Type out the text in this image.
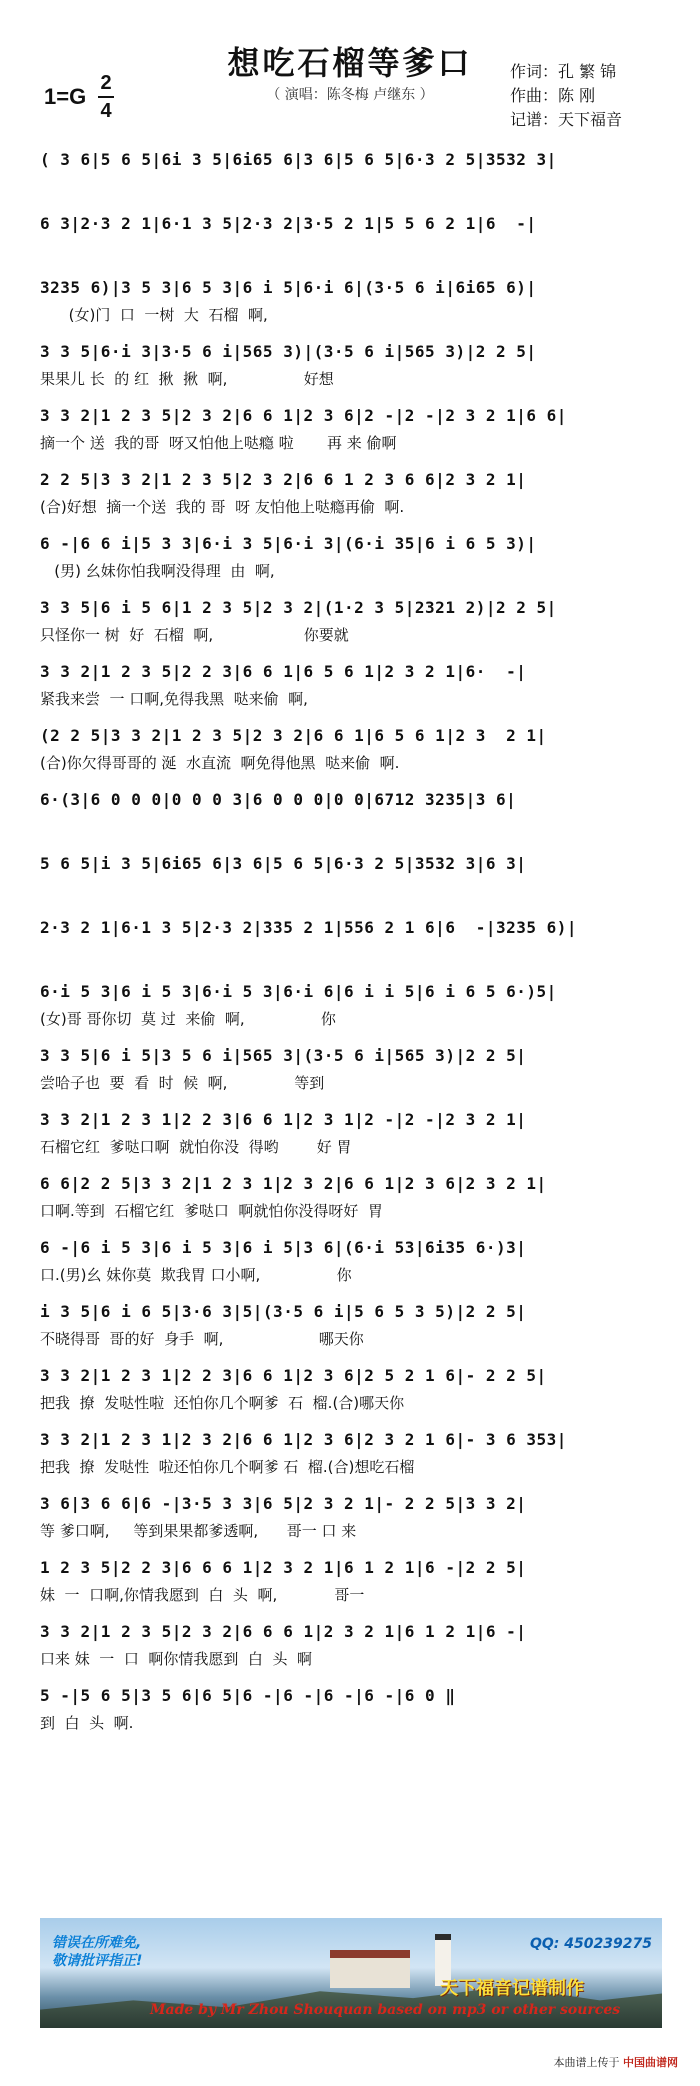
想吃石榴等爹口
（ 演唱：陈冬梅 卢继东 ）
1=G
2
4
作词：孔 繁 锦
作曲：陈 刚
记谱：天下福音
( 3 6|5 6 5|6i 3 5|6i65 6|3 6|5 6 5|6·3 2 5|3532 3|
6 3|2·3 2 1|6·1 3 5|2·3 2|3·5 2 1|5 5 6 2 1|6  -|
3235 6)|3 5 3|6 5 3|6 i 5|6·i 6|(3·5 6 i|6i65 6)|
(女)门  口  一树  大  石榴  啊,
3 3 5|6·i 3|3·5 6 i|565 3)|(3·5 6 i|565 3)|2 2 5|
果果儿 长  的 红  揪  揪  啊,                好想
3 3 2|1 2 3 5|2 3 2|6 6 1|2 3 6|2 -|2 -|2 3 2 1|6 6|
摘一个 送  我的哥  呀又怕他上哒瘾 啦       再 来 偷啊
2 2 5|3 3 2|1 2 3 5|2 3 2|6 6 1 2 3 6 6|2 3 2 1|
(合)好想  摘一个送  我的 哥  呀 友怕他上哒瘾再偷  啊.
6 -|6 6 i|5 3 3|6·i 3 5|6·i 3|(6·i 35|6 i 6 5 3)|
(男) 幺妹你怕我啊没得理  由  啊,
3 3 5|6 i 5 6|1 2 3 5|2 3 2|(1·2 3 5|2321 2)|2 2 5|
只怪你一 树  好  石榴  啊,                   你要就
3 3 2|1 2 3 5|2 2 3|6 6 1|6 5 6 1|2 3 2 1|6·  -|
紧我来尝  一 口啊,免得我黑  哒来偷  啊,
(2 2 5|3 3 2|1 2 3 5|2 3 2|6 6 1|6 5 6 1|2 3  2 1|
(合)你欠得哥哥的 涎  水直流  啊免得他黑  哒来偷  啊.
6·(3|6 0 0 0|0 0 0 3|6 0 0 0|0 0|6712 3235|3 6|
5 6 5|i 3 5|6i65 6|3 6|5 6 5|6·3 2 5|3532 3|6 3|
2·3 2 1|6·1 3 5|2·3 2|335 2 1|556 2 1 6|6  -|3235 6)|
6·i 5 3|6 i 5 3|6·i 5 3|6·i 6|6 i i 5|6 i 6 5 6·)5|
(女)哥 哥你切  莫 过  来偷  啊,                你
3 3 5|6 i 5|3 5 6 i|565 3|(3·5 6 i|565 3)|2 2 5|
尝哈子也  要  看  时  候  啊,              等到
3 3 2|1 2 3 1|2 2 3|6 6 1|2 3 1|2 -|2 -|2 3 2 1|
石榴它红  爹哒口啊  就怕你没  得哟        好 胃
6 6|2 2 5|3 3 2|1 2 3 1|2 3 2|6 6 1|2 3 6|2 3 2 1|
口啊.等到  石榴它红  爹哒口  啊就怕你没得呀好  胃
6 -|6 i 5 3|6 i 5 3|6 i 5|3 6|(6·i 53|6i35 6·)3|
口.(男)幺 妹你莫  欺我胃 口小啊,                你
i 3 5|6 i 6 5|3·6 3|5|(3·5 6 i|5 6 5 3 5)|2 2 5|
不晓得哥  哥的好  身手  啊,                    哪天你
3 3 2|1 2 3 1|2 2 3|6 6 1|2 3 6|2 5 2 1 6|- 2 2 5|
把我  撩  发哒性啦  还怕你几个啊爹  石  榴.(合)哪天你
3 3 2|1 2 3 1|2 3 2|6 6 1|2 3 6|2 3 2 1 6|- 3 6 353|
把我  撩  发哒性  啦还怕你几个啊爹 石  榴.(合)想吃石榴
3 6|3 6 6|6 -|3·5 3 3|6 5|2 3 2 1|- 2 2 5|3 3 2|
等 爹口啊,     等到果果都爹透啊,      哥一 口 来
1 2 3 5|2 2 3|6 6 6 1|2 3 2 1|6 1 2 1|6 -|2 2 5|
妹  一  口啊,你情我愿到  白  头  啊,            哥一
3 3 2|1 2 3 5|2 3 2|6 6 6 1|2 3 2 1|6 1 2 1|6 -|
口来 妹  一  口  啊你情我愿到  白  头  啊
5 -|5 6 5|3 5 6|6 5|6 -|6 -|6 -|6 -|6 0 ‖
到  白  头  啊.
错误在所难免,
敬请批评指正!
QQ: 450239275
天下福音记谱制作
Made by Mr Zhou Shouquan based on mp3 or other sources
本曲谱上传于 中国曲谱网
